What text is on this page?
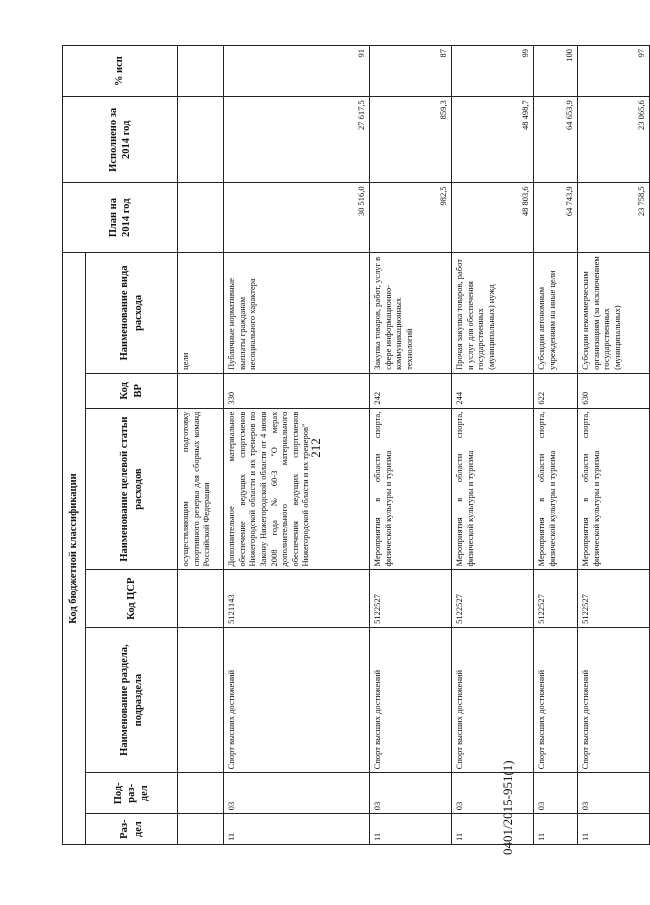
212
0401/2015-951(1)
Код бюджетной классификации							План на 2014 год	Исполнено за 2014 год	% исп
Раз-дел	Под-раз-дел	Наименование раздела, подраздела	Код ЦСР	Наименование целевой статьи расходов	Код ВР	Наименование вида расхода			
				осуществляющим подготовку спортивного резерва для сборных команд Российской Федерации		цели			
11	03	Спорт высших достижений	5121143	Дополнительное материальное обеспечение ведущих спортсменов Нижегородской области и их тренеров по Закону Нижегородской области от 4 июня 2008 года №60-З "О мерах дополнительного материального обеспечения ведущих спортсменов Нижегородской области и их тренеров"	330	Публичные нормативные выплаты гражданам несоциального характера	30 516,0	27 617,5	91
11	03	Спорт высших достижений	5122527	Мероприятия в области спорта, физической культуры и туризма	242	Закупка товаров, работ, услуг в сфере информационно-коммуникационных технологий	982,5	859,3	87
11	03	Спорт высших достижений	5122527	Мероприятия в области спорта, физической культуры и туризма	244	Прочая закупка товаров, работ и услуг для обеспечения государственных (муниципальных) нужд	48 803,6	48 498,7	99
11	03	Спорт высших достижений	5122527	Мероприятия в области спорта, физической культуры и туризма	622	Субсидии автономным учреждениям на иные цели	64 743,9	64 653,9	100
11	03	Спорт высших достижений	5122527	Мероприятия в области спорта, физической культуры и туризма	630	Субсидии некоммерческим организациям (за исключением государственных (муниципальных)	23 758,5	23 065,6	97
